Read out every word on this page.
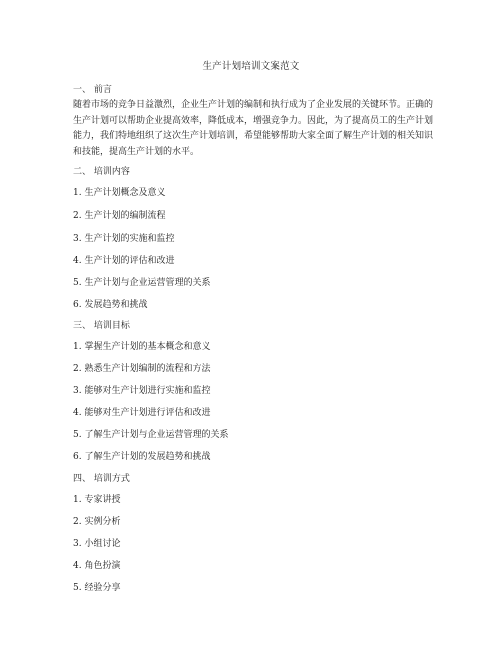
生产计划培训文案范文
一、 前言
随着市场的竞争日益激烈，企业生产计划的编制和执行成为了企业发展的关键环节。正确的生产计划可以帮助企业提高效率，降低成本，增强竞争力。因此，为了提高员工的生产计划能力，我们特地组织了这次生产计划培训，希望能够帮助大家全面了解生产计划的相关知识和技能，提高生产计划的水平。
二、 培训内容
1. 生产计划概念及意义
2. 生产计划的编制流程
3. 生产计划的实施和监控
4. 生产计划的评估和改进
5. 生产计划与企业运营管理的关系
6. 发展趋势和挑战
三、 培训目标
1. 掌握生产计划的基本概念和意义
2. 熟悉生产计划编制的流程和方法
3. 能够对生产计划进行实施和监控
4. 能够对生产计划进行评估和改进
5. 了解生产计划与企业运营管理的关系
6. 了解生产计划的发展趋势和挑战
四、 培训方式
1. 专家讲授
2. 实例分析
3. 小组讨论
4. 角色扮演
5. 经验分享
